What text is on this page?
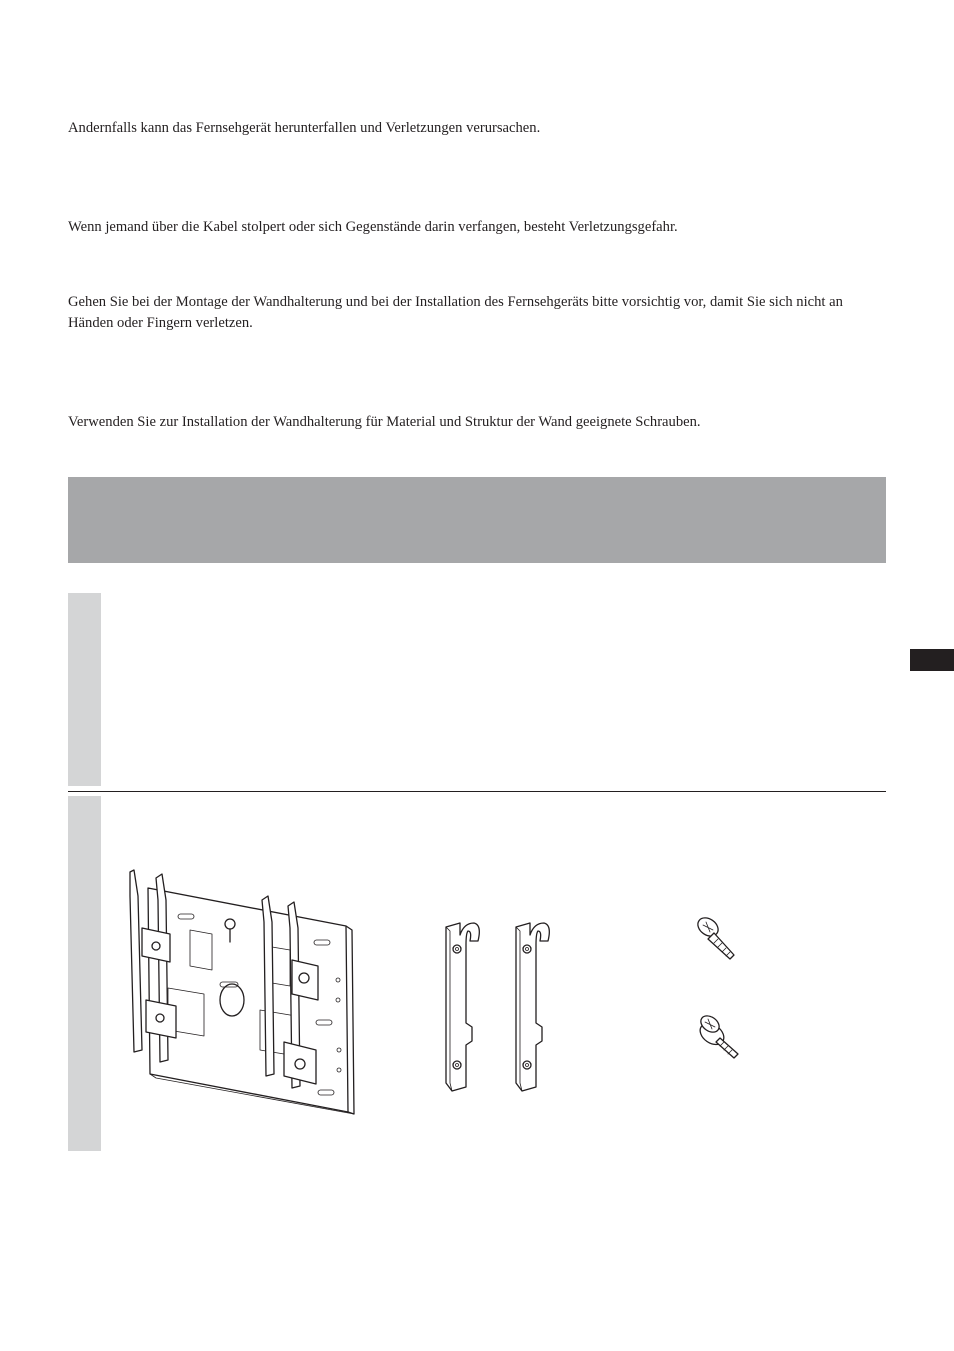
Andernfalls kann das Fernsehgerät herunterfallen und Verletzungen verursachen.

Wenn jemand über die Kabel stolpert oder sich Gegenstände darin verfangen, besteht Verletzungsgefahr.

Gehen Sie bei der Montage der Wandhalterung und bei der Installation des Fernsehgeräts bitte vorsichtig vor, damit Sie sich nicht an Händen oder Fingern verletzen.

Verwenden Sie zur Installation der Wandhalterung für Material und Struktur der Wand geeignete Schrauben.
